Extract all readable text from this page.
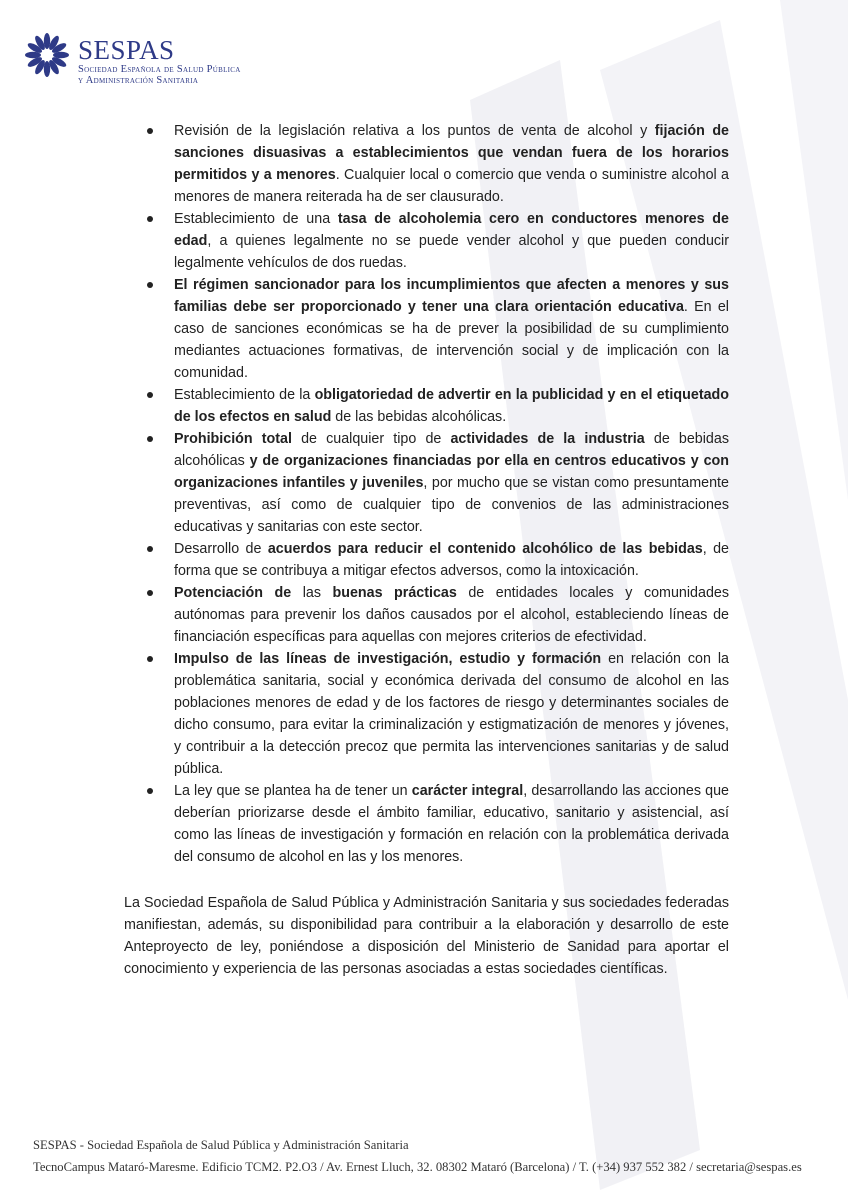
SESPAS
Sociedad Española de Salud Pública
y Administración Sanitaria
Revisión de la legislación relativa a los puntos de venta de alcohol y fijación de sanciones disuasivas a establecimientos que vendan fuera de los horarios permitidos y a menores. Cualquier local o comercio que venda o suministre alcohol a menores de manera reiterada ha de ser clausurado.
Establecimiento de una tasa de alcoholemia cero en conductores menores de edad, a quienes legalmente no se puede vender alcohol y que pueden conducir legalmente vehículos de dos ruedas.
El régimen sancionador para los incumplimientos que afecten a menores y sus familias debe ser proporcionado y tener una clara orientación educativa. En el caso de sanciones económicas se ha de prever la posibilidad de su cumplimiento mediantes actuaciones formativas, de intervención social y de implicación con la comunidad.
Establecimiento de la obligatoriedad de advertir en la publicidad y en el etiquetado de los efectos en salud de las bebidas alcohólicas.
Prohibición total de cualquier tipo de actividades de la industria de bebidas alcohólicas y de organizaciones financiadas por ella en centros educativos y con organizaciones infantiles y juveniles, por mucho que se vistan como presuntamente preventivas, así como de cualquier tipo de convenios de las administraciones educativas y sanitarias con este sector.
Desarrollo de acuerdos para reducir el contenido alcohólico de las bebidas, de forma que se contribuya a mitigar efectos adversos, como la intoxicación.
Potenciación de las buenas prácticas de entidades locales y comunidades autónomas para prevenir los daños causados por el alcohol, estableciendo líneas de financiación específicas para aquellas con mejores criterios de efectividad.
Impulso de las líneas de investigación, estudio y formación en relación con la problemática sanitaria, social y económica derivada del consumo de alcohol en las poblaciones menores de edad y de los factores de riesgo y determinantes sociales de dicho consumo, para evitar la criminalización y estigmatización de menores y jóvenes, y contribuir a la detección precoz que permita las intervenciones sanitarias y de salud pública.
La ley que se plantea ha de tener un carácter integral, desarrollando las acciones que deberían priorizarse desde el ámbito familiar, educativo, sanitario y asistencial, así como las líneas de investigación y formación en relación con la problemática derivada del consumo de alcohol en las y los menores.

La Sociedad Española de Salud Pública y Administración Sanitaria y sus sociedades federadas manifiestan, además, su disponibilidad para contribuir a la elaboración y desarrollo de este Anteproyecto de ley, poniéndose a disposición del Ministerio de Sanidad para aportar el conocimiento y experiencia de las personas asociadas a estas sociedades científicas.

SESPAS - Sociedad Española de Salud Pública y Administración Sanitaria
TecnoCampus Mataró-Maresme. Edificio TCM2. P2.O3 / Av. Ernest Lluch, 32. 08302 Mataró (Barcelona) / T. (+34) 937 552 382 / secretaria@sespas.es
